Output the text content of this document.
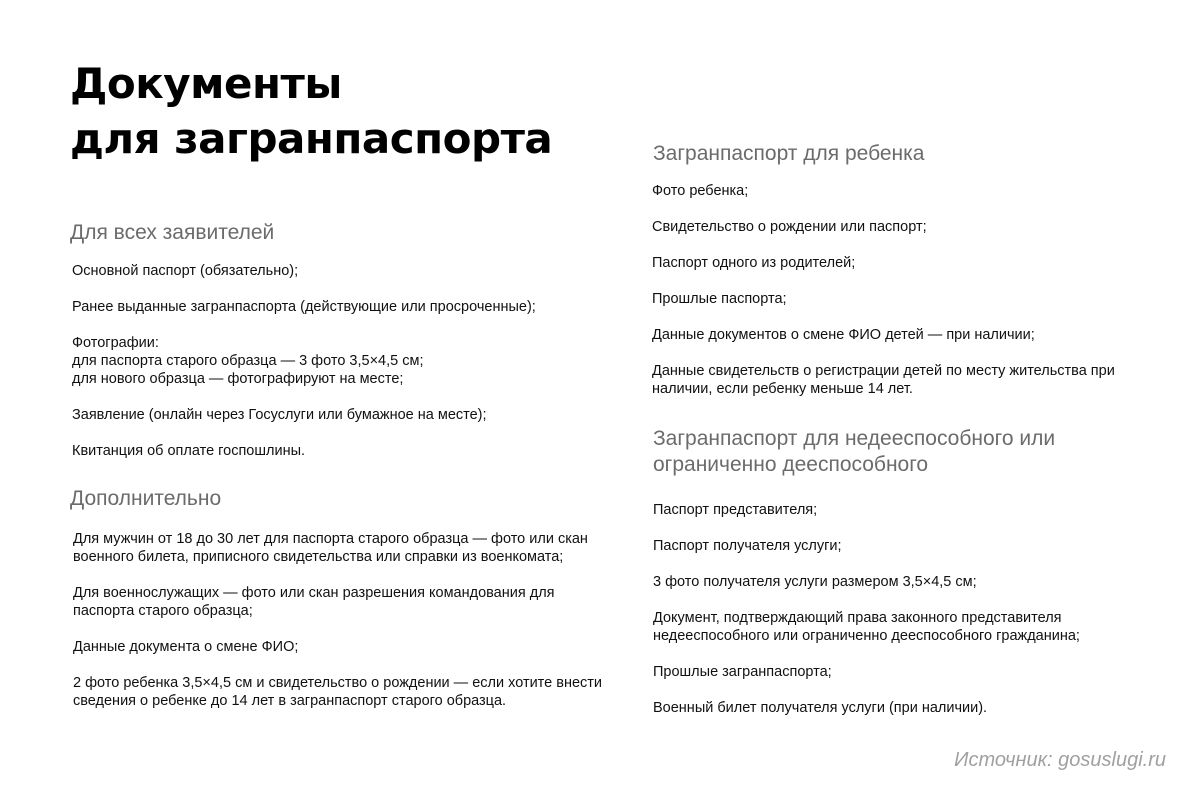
Документы
для загранпаспорта
Для всех заявителей
Основной паспорт (обязательно);
Ранее выданные загранпаспорта (действующие или просроченные);
Фотографии:
для паспорта старого образца — 3 фото 3,5×4,5 см;
для нового образца — фотографируют на месте;
Заявление (онлайн через Госуслуги или бумажное на месте);
Квитанция об оплате госпошлины.
Дополнительно
Для мужчин от 18 до 30 лет для паспорта старого образца — фото или скан военного билета, приписного свидетельства или справки из военкомата;
Для военнослужащих — фото или скан разрешения командования для паспорта старого образца;
Данные документа о смене ФИО;
2 фото ребенка 3,5×4,5 см и свидетельство о рождении — если хотите внести сведения о ребенке до 14 лет в загранпаспорт старого образца.
Загранпаспорт для ребенка
Фото ребенка;
Свидетельство о рождении или паспорт;
Паспорт одного из родителей;
Прошлые паспорта;
Данные документов о смене ФИО детей — при наличии;
Данные свидетельств о регистрации детей по месту жительства при наличии, если ребенку меньше 14 лет.
Загранпаспорт для недееспособного или ограниченно дееспособного
Паспорт представителя;
Паспорт получателя услуги;
3 фото получателя услуги размером 3,5×4,5 см;
Документ, подтверждающий права законного представителя недееспособного или ограниченно дееспособного гражданина;
Прошлые загранпаспорта;
Военный билет получателя услуги (при наличии).

Источник: gosuslugi.ru
